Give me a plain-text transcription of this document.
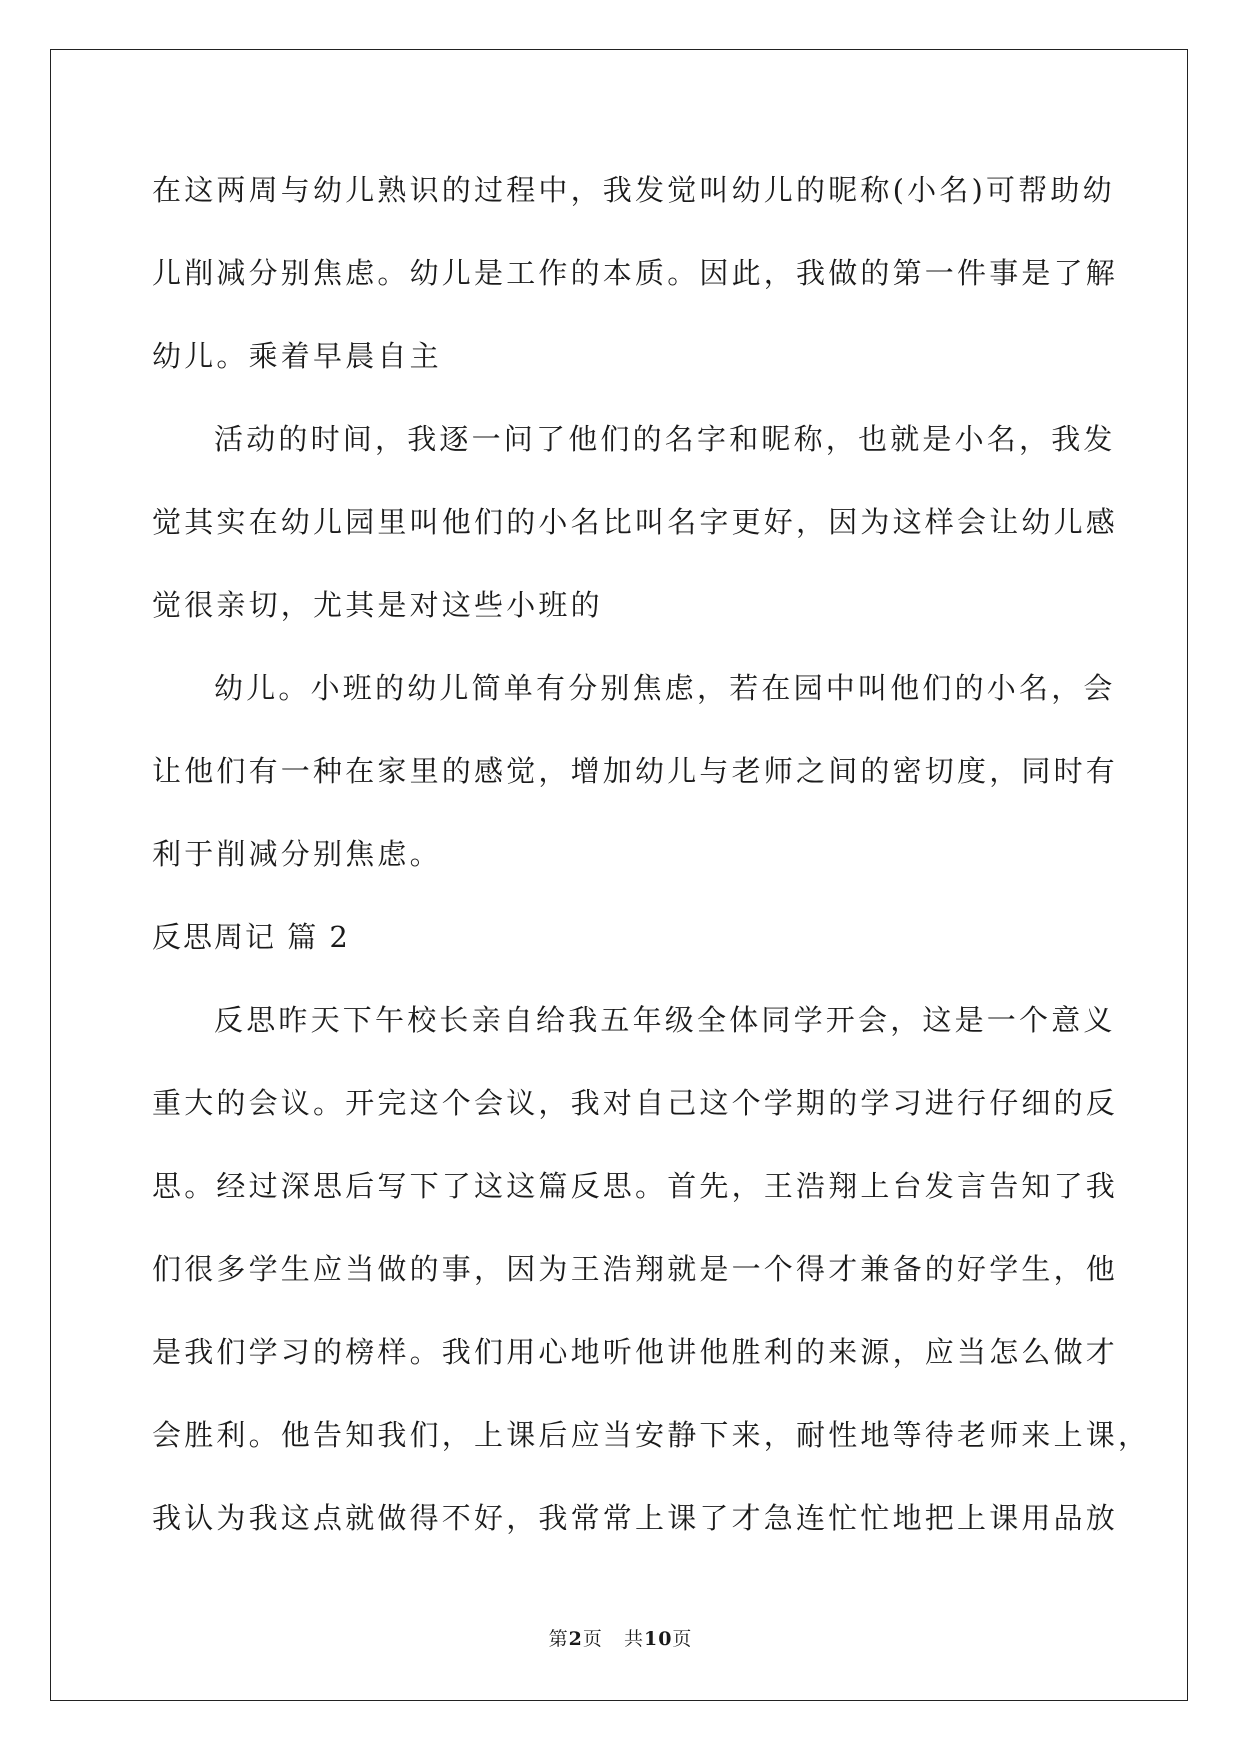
在这两周与幼儿熟识的过程中，我发觉叫幼儿的昵称(小名)可帮助幼
儿削减分别焦虑。幼儿是工作的本质。因此，我做的第一件事是了解
幼儿。乘着早晨自主
活动的时间，我逐一问了他们的名字和昵称，也就是小名，我发
觉其实在幼儿园里叫他们的小名比叫名字更好，因为这样会让幼儿感
觉很亲切，尤其是对这些小班的
幼儿。小班的幼儿简单有分别焦虑，若在园中叫他们的小名，会
让他们有一种在家里的感觉，增加幼儿与老师之间的密切度，同时有
利于削减分别焦虑。
反思周记 篇 2
反思昨天下午校长亲自给我五年级全体同学开会，这是一个意义
重大的会议。开完这个会议，我对自己这个学期的学习进行仔细的反
思。经过深思后写下了这这篇反思。首先，王浩翔上台发言告知了我
们很多学生应当做的事，因为王浩翔就是一个得才兼备的好学生，他
是我们学习的榜样。我们用心地听他讲他胜利的来源，应当怎么做才
会胜利。他告知我们，上课后应当安静下来，耐性地等待老师来上课，
我认为我这点就做得不好，我常常上课了才急连忙忙地把上课用品放
第2页 共10页
